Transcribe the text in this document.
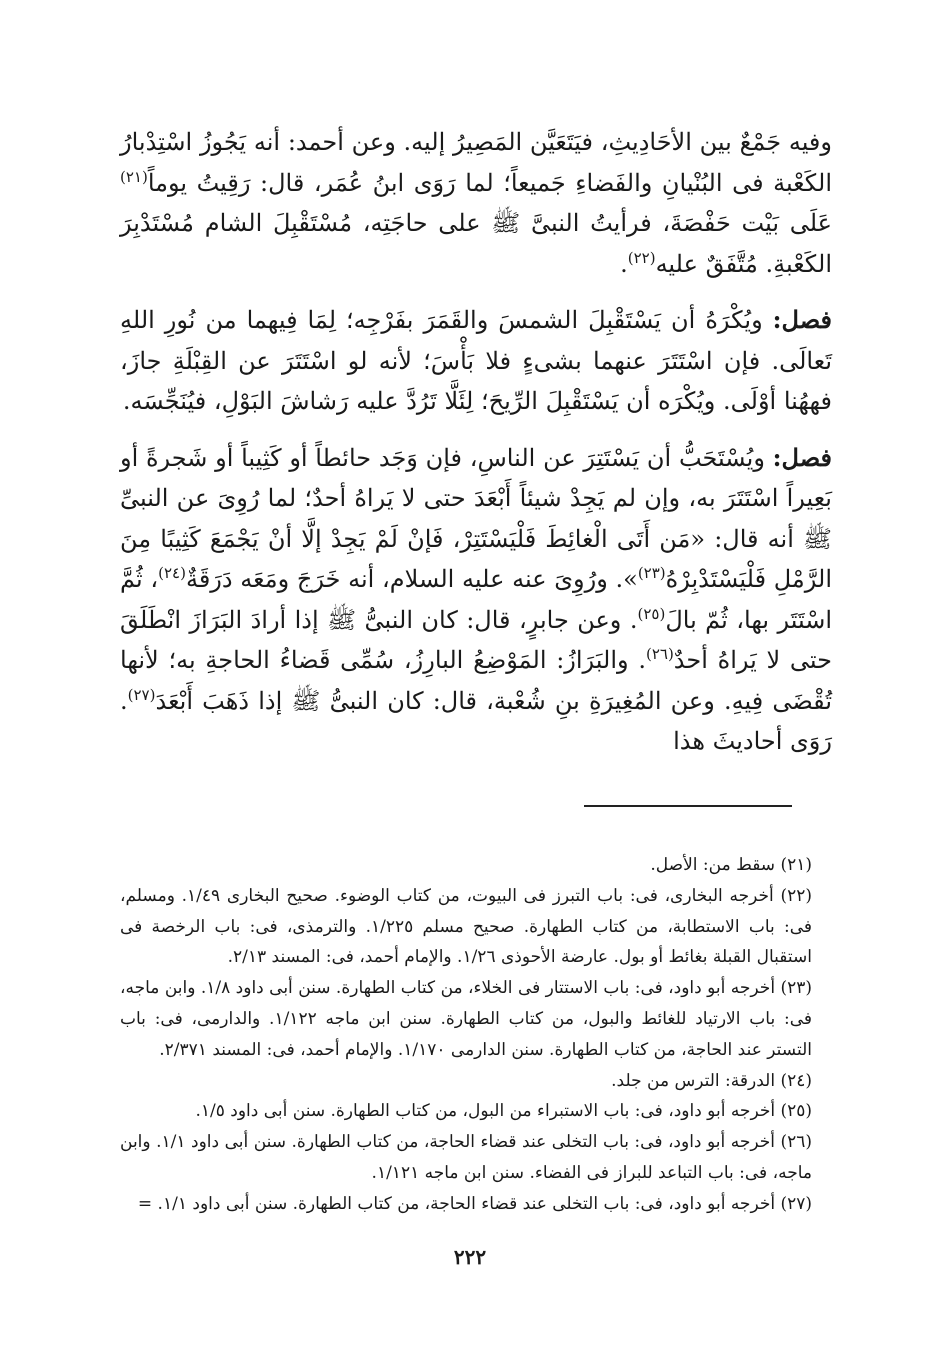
وفيه جَمْعٌ بين الأحَادِيثِ، فيَتَعَيَّن المَصِيرُ إليه. وعن أحمد: أنه يَجُوزُ اسْتِدْبارُ الكَعْبة فى البُنْيانِ والفَضاءِ جَميعاً؛ لما رَوَى ابنُ عُمَر، قال: رَقِيتُ يوماً$^{(٢١)}$ عَلَى بَيْت حَفْصَةَ، فرأيتُ النبىَّ ﷺ على حاجَتِه، مُسْتَقْبِلَ الشام مُسْتَدْبِرَ الكَعْبةِ. مُتَّفَقٌ عليه$^{(٢٢)}$.

فصل: ويُكْرَهُ أن يَسْتَقْبِلَ الشمسَ والقَمَرَ بفَرْجِه؛ لِمَا فِيهما من نُورِ اللهِ تَعالَى. فإن اسْتَتَرَ عنهما بشىءٍ فلا بَأْسَ؛ لأنه لو اسْتَتَرَ عن القِبْلَةِ جازَ، فههُنا أوْلَى. ويُكْرَه أن يَسْتَقْبِلَ الرِّيحَ؛ لِئَلَّا تَرُدَّ عليه رَشاشَ البَوْلِ، فيُنَجِّسَه.

فصل: ويُسْتَحَبُّ أن يَسْتَتِرَ عن الناسِ، فإن وَجَد حائطاً أو كَثِيباً أو شَجرةً أو بَعِيراً اسْتَتَرَ به، وإن لم يَجِدْ شيئاً أَبْعَدَ حتى لا يَراهُ أحدٌ؛ لما رُوِىَ عن النبىِّ ﷺ أنه قال: «مَن أَتَى الْغائِطَ فَلْيَسْتَتِرْ، فَإنْ لَمْ يَجِدْ إلَّا أنْ يَجْمَعَ كَثِيبًا مِنَ الرَّمْلِ فَلْيَسْتَدْبِرْهُ$^{(٢٣)}$». ورُوِىَ عنه عليه السلام، أنه خَرَجَ ومَعَه دَرَقَةٌ$^{(٢٤)}$، ثُمَّ اسْتَتَر بها، ثُمّ بالَ$^{(٢٥)}$. وعن جابرٍ، قال: كان النبىُّ ﷺ إذا أرادَ البَرَازَ انْطَلَقَ حتى لا يَراهُ أحدٌ$^{(٢٦)}$. والبَرَازُ: المَوْضِعُ البارِزُ، سُمِّى قَضاءُ الحاجةِ به؛ لأنها تُقْضَى فِيهِ. وعن المُغِيرَةِ بنِ شُعْبة، قال: كان النبىُّ ﷺ إذا ذَهَبَ أَبْعَدَ$^{(٢٧)}$. رَوَى أحاديثَ هذا

(٢١) سقط من: الأصل.

(٢٢) أخرجه البخارى، فى: باب التبرز فى البيوت، من كتاب الوضوء. صحيح البخارى ١/٤٩. ومسلم، فى: باب الاستطابة، من كتاب الطهارة. صحيح مسلم ١/٢٢٥. والترمذى، فى: باب الرخصة فى استقبال القبلة بغائط أو بول. عارضة الأحوذى ١/٢٦. والإمام أحمد، فى: المسند ٢/١٣.

(٢٣) أخرجه أبو داود، فى: باب الاستتار فى الخلاء، من كتاب الطهارة. سنن أبى داود ١/٨. وابن ماجه، فى: باب الارتياد للغائط والبول، من كتاب الطهارة. سنن ابن ماجه ١/١٢٢. والدارمى، فى: باب التستر عند الحاجة، من كتاب الطهارة. سنن الدارمى ١/١٧٠. والإمام أحمد، فى: المسند ٢/٣٧١.

(٢٤) الدرقة: الترس من جلد.

(٢٥) أخرجه أبو داود، فى: باب الاستبراء من البول، من كتاب الطهارة. سنن أبى داود ١/٥.

(٢٦) أخرجه أبو داود، فى: باب التخلى عند قضاء الحاجة، من كتاب الطهارة. سنن أبى داود ١/١. وابن ماجه، فى: باب التباعد للبراز فى الفضاء. سنن ابن ماجه ١/١٢١.

(٢٧) أخرجه أبو داود، فى: باب التخلى عند قضاء الحاجة، من كتاب الطهارة. سنن أبى داود ١/١. =

٢٢٢
